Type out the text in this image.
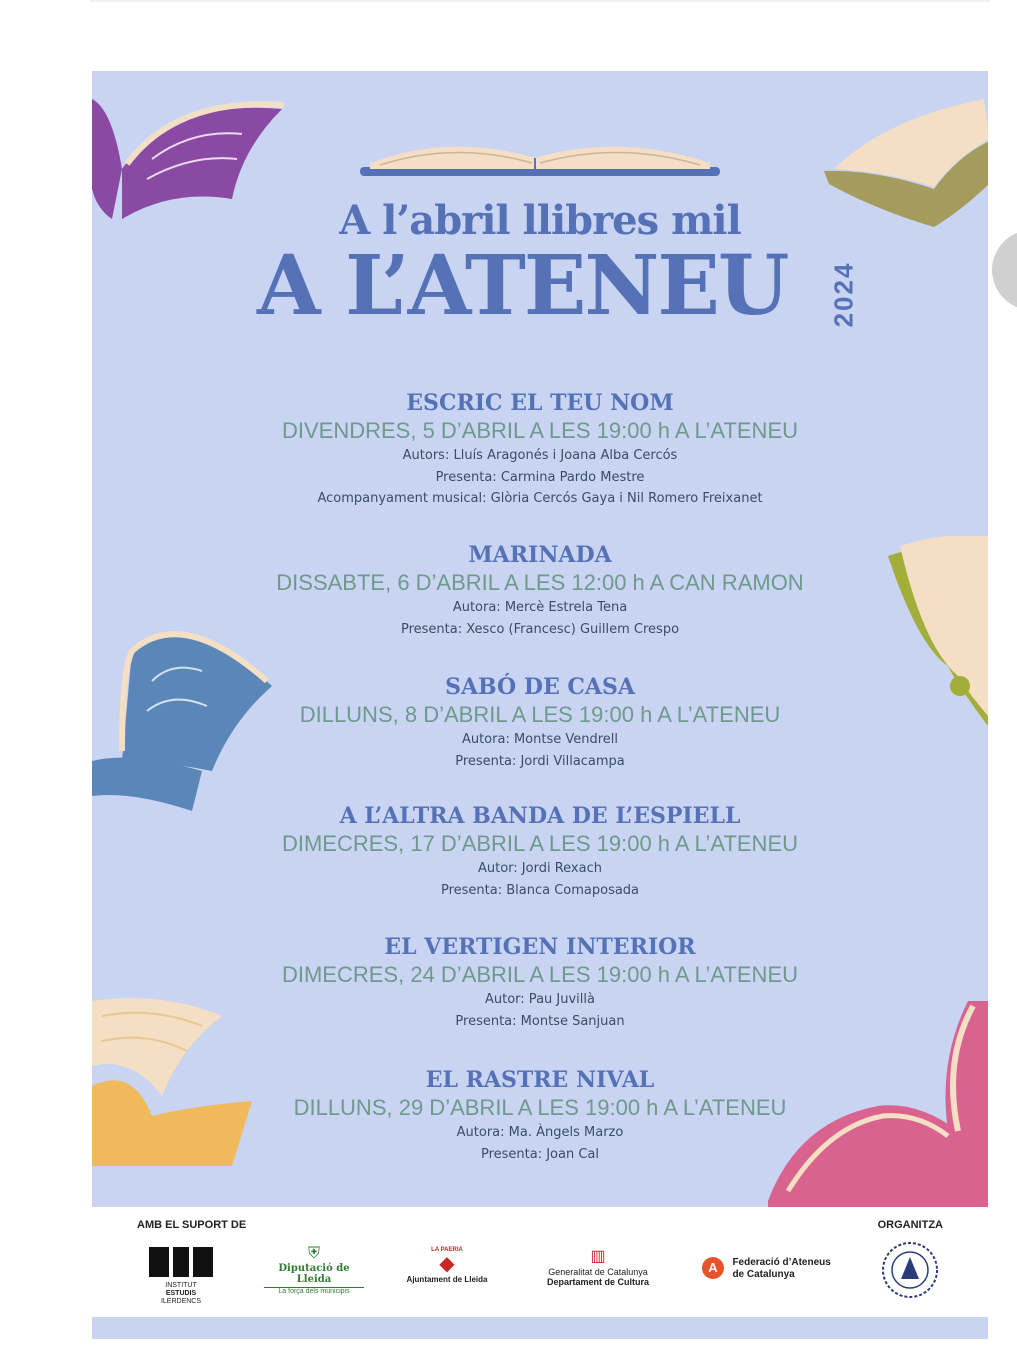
A l’abril llibres mil
A L’ATENEU 2024
ESCRIC EL TEU NOM
DIVENDRES, 5 D’ABRIL A LES 19:00 h A L’ATENEU
Autors: Lluís Aragonés i Joana Alba Cercós
Presenta: Carmina Pardo Mestre
Acompanyament musical: Glòria Cercós Gaya i Nil Romero Freixanet
MARINADA
DISSABTE, 6 D’ABRIL A LES 12:00 h A CAN RAMON
Autora: Mercè Estrela Tena
Presenta: Xesco (Francesc) Guillem Crespo
SABÓ DE CASA
DILLUNS, 8 D’ABRIL A LES 19:00 h A L’ATENEU
Autora: Montse Vendrell
Presenta: Jordi Villacampa
A L’ALTRA BANDA DE L’ESPIELL
DIMECRES, 17 D’ABRIL A LES 19:00 h A L’ATENEU
Autor: Jordi Rexach
Presenta: Blanca Comaposada
EL VERTIGEN INTERIOR
DIMECRES, 24 D’ABRIL A LES 19:00 h A L’ATENEU
Autor: Pau Juvillà
Presenta: Montse Sanjuan
EL RASTRE NIVAL
DILLUNS, 29 D’ABRIL A LES 19:00 h A L’ATENEU
Autora: Ma. Àngels Marzo
Presenta: Joan Cal
AMB EL SUPORT DE	ORGANITZA
INSTITUT
ESTUDIS
ILERDENCS
⛨
Diputació de Lleida
La força dels municipis
LA PAERIA
◆
Ajuntament de Lleida
▥
Generalitat de Catalunya
Departament de Cultura
A Federació d’Ateneus
de Catalunya
